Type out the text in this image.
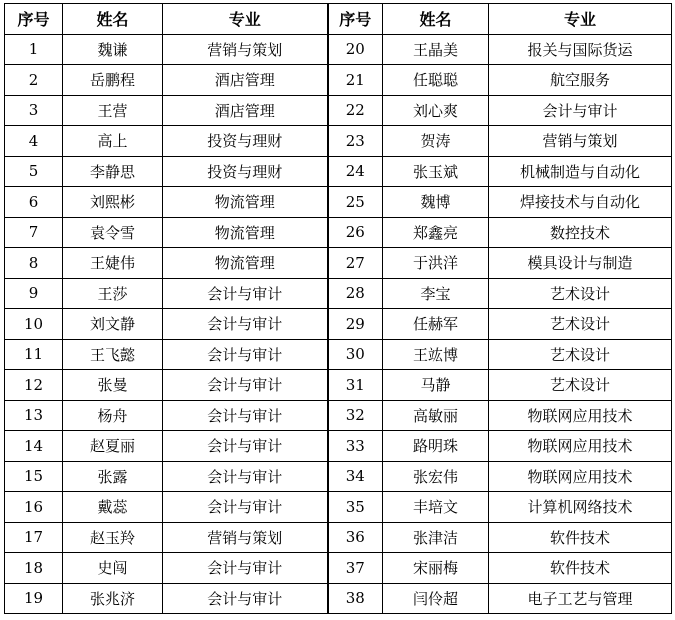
序号	姓名	专业	序号	姓名	专业
1	魏谦	营销与策划	20	王晶美	报关与国际货运
2	岳鹏程	酒店管理	21	任聪聪	航空服务
3	王营	酒店管理	22	刘心爽	会计与审计
4	高上	投资与理财	23	贺涛	营销与策划
5	李静思	投资与理财	24	张玉斌	机械制造与自动化
6	刘熙彬	物流管理	25	魏博	焊接技术与自动化
7	袁令雪	物流管理	26	郑鑫亮	数控技术
8	王婕伟	物流管理	27	于洪洋	模具设计与制造
9	王莎	会计与审计	28	李宝	艺术设计
10	刘文静	会计与审计	29	任赫军	艺术设计
11	王飞懿	会计与审计	30	王竑博	艺术设计
12	张曼	会计与审计	31	马静	艺术设计
13	杨舟	会计与审计	32	高敏丽	物联网应用技术
14	赵夏丽	会计与审计	33	路明珠	物联网应用技术
15	张露	会计与审计	34	张宏伟	物联网应用技术
16	戴蕊	会计与审计	35	丰培文	计算机网络技术
17	赵玉羚	营销与策划	36	张津洁	软件技术
18	史闯	会计与审计	37	宋丽梅	软件技术
19	张兆济	会计与审计	38	闫伶超	电子工艺与管理
